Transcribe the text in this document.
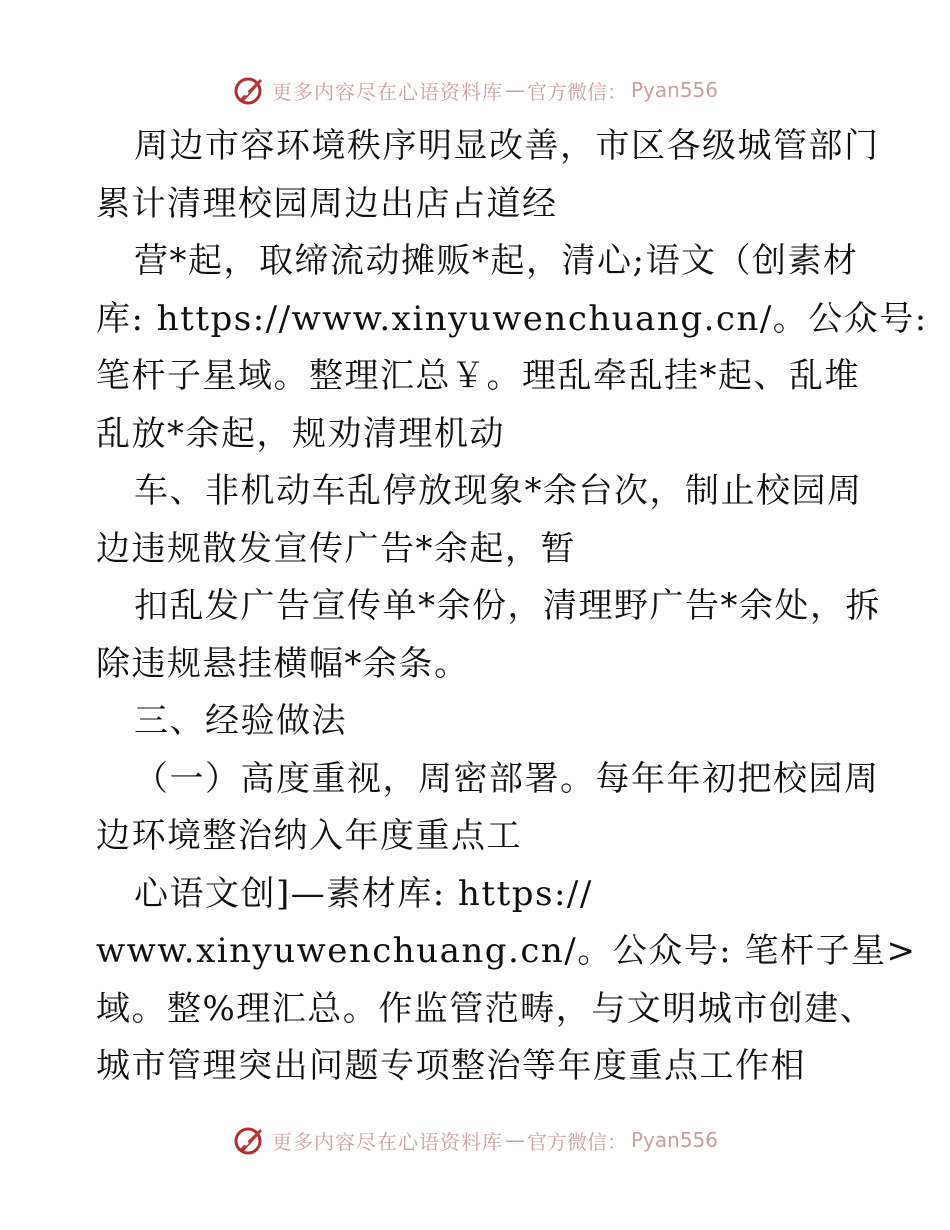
更多内容尽在心语资料库 — 官方微信： Pyan556
周边市容环境秩序明显改善，市区各级城管部门
累计清理校园周边出店占道经
营*起，取缔流动摊贩*起，清心;语文（创素材
库: https://www.xinyuwenchuang.cn/。公众号:
笔杆子星域。整理汇总￥。理乱牵乱挂*起、乱堆
乱放*余起，规劝清理机动
车、非机动车乱停放现象*余台次，制止校园周
边违规散发宣传广告*余起，暂
扣乱发广告宣传单*余份，清理野广告*余处，拆
除违规悬挂横幅*余条。
三、经验做法
（一）高度重视，周密部署。每年年初把校园周
边环境整治纳入年度重点工
心语文创]—素材库: https://
www.xinyuwenchuang.cn/。公众号: 笔杆子星>
域。整%理汇总。作监管范畴，与文明城市创建、
城市管理突出问题专项整治等年度重点工作相
更多内容尽在心语资料库 — 官方微信： Pyan556
